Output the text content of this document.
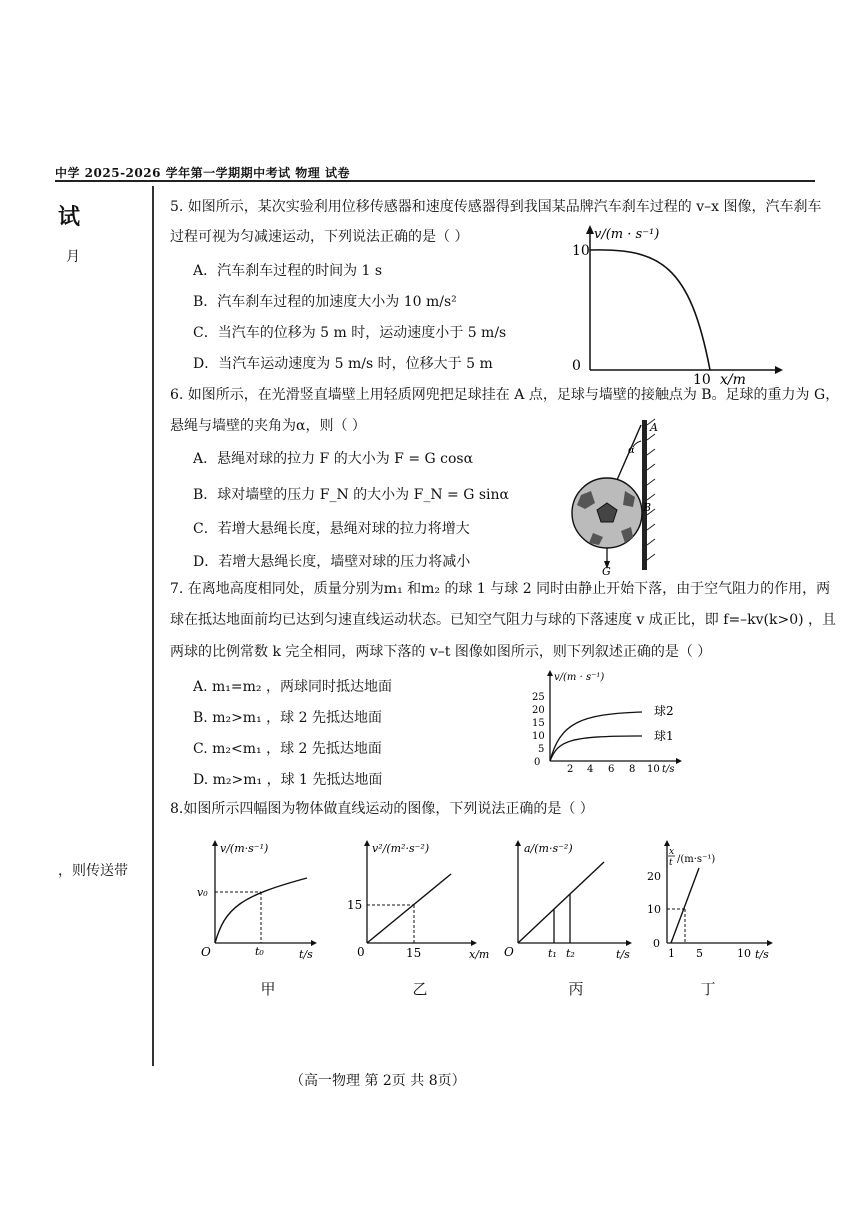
中学 2025-2026 学年第一学期期中考试 物理 试卷
试
月
，则传送带
5. 如图所示，某次实验利用位移传感器和速度传感器得到我国某品牌汽车刹车过程的 v–x 图像，汽车刹车
过程可视为匀减速运动，下列说法正确的是（ ）
A．汽车刹车过程的时间为 1 s
B．汽车刹车过程的加速度大小为 10 m/s²
C．当汽车的位移为 5 m 时，运动速度小于 5 m/s
D．当汽车运动速度为 5 m/s 时，位移大于 5 m
v/(m · s⁻¹)
10
0
10 x/m
6. 如图所示，在光滑竖直墙壁上用轻质网兜把足球挂在 A 点，足球与墙壁的接触点为 B。足球的重力为 G，
悬绳与墙壁的夹角为α，则（ ）
A．悬绳对球的拉力 F 的大小为 F = G cosα
B．球对墙壁的压力 F_N 的大小为 F_N = G sinα
C．若增大悬绳长度，悬绳对球的拉力将增大
D．若增大悬绳长度，墙壁对球的压力将减小
A
α
B
G
7. 在离地高度相同处，质量分别为m₁ 和m₂ 的球 1 与球 2 同时由静止开始下落，由于空气阻力的作用，两
球在抵达地面前均已达到匀速直线运动状态。已知空气阻力与球的下落速度 v 成正比，即 f=–kv(k>0) ，且
两球的比例常数 k 完全相同，两球下落的 v–t 图像如图所示，则下列叙述正确的是（ ）
A. m₁=m₂ ，两球同时抵达地面
B. m₂>m₁ ，球 2 先抵达地面
C. m₂<m₁ ，球 2 先抵达地面
D. m₂>m₁ ，球 1 先抵达地面
v/(m · s⁻¹)
0
5
10
15
20
25
2 4 6 8 10 t/s
球2
球1
8.如图所示四幅图为物体做直线运动的图像，下列说法正确的是（ ）
v/(m·s⁻¹)
v₀
O	t₀	t/s
甲
v²/(m²·s⁻²)
15
0	15	x/m
乙
a/(m·s⁻²)
O	t₁ t₂	t/s
丙
x
t /(m·s⁻¹)
0
10
20
1 5	10 t/s
丁
（高一物理 第 2页 共 8页）
